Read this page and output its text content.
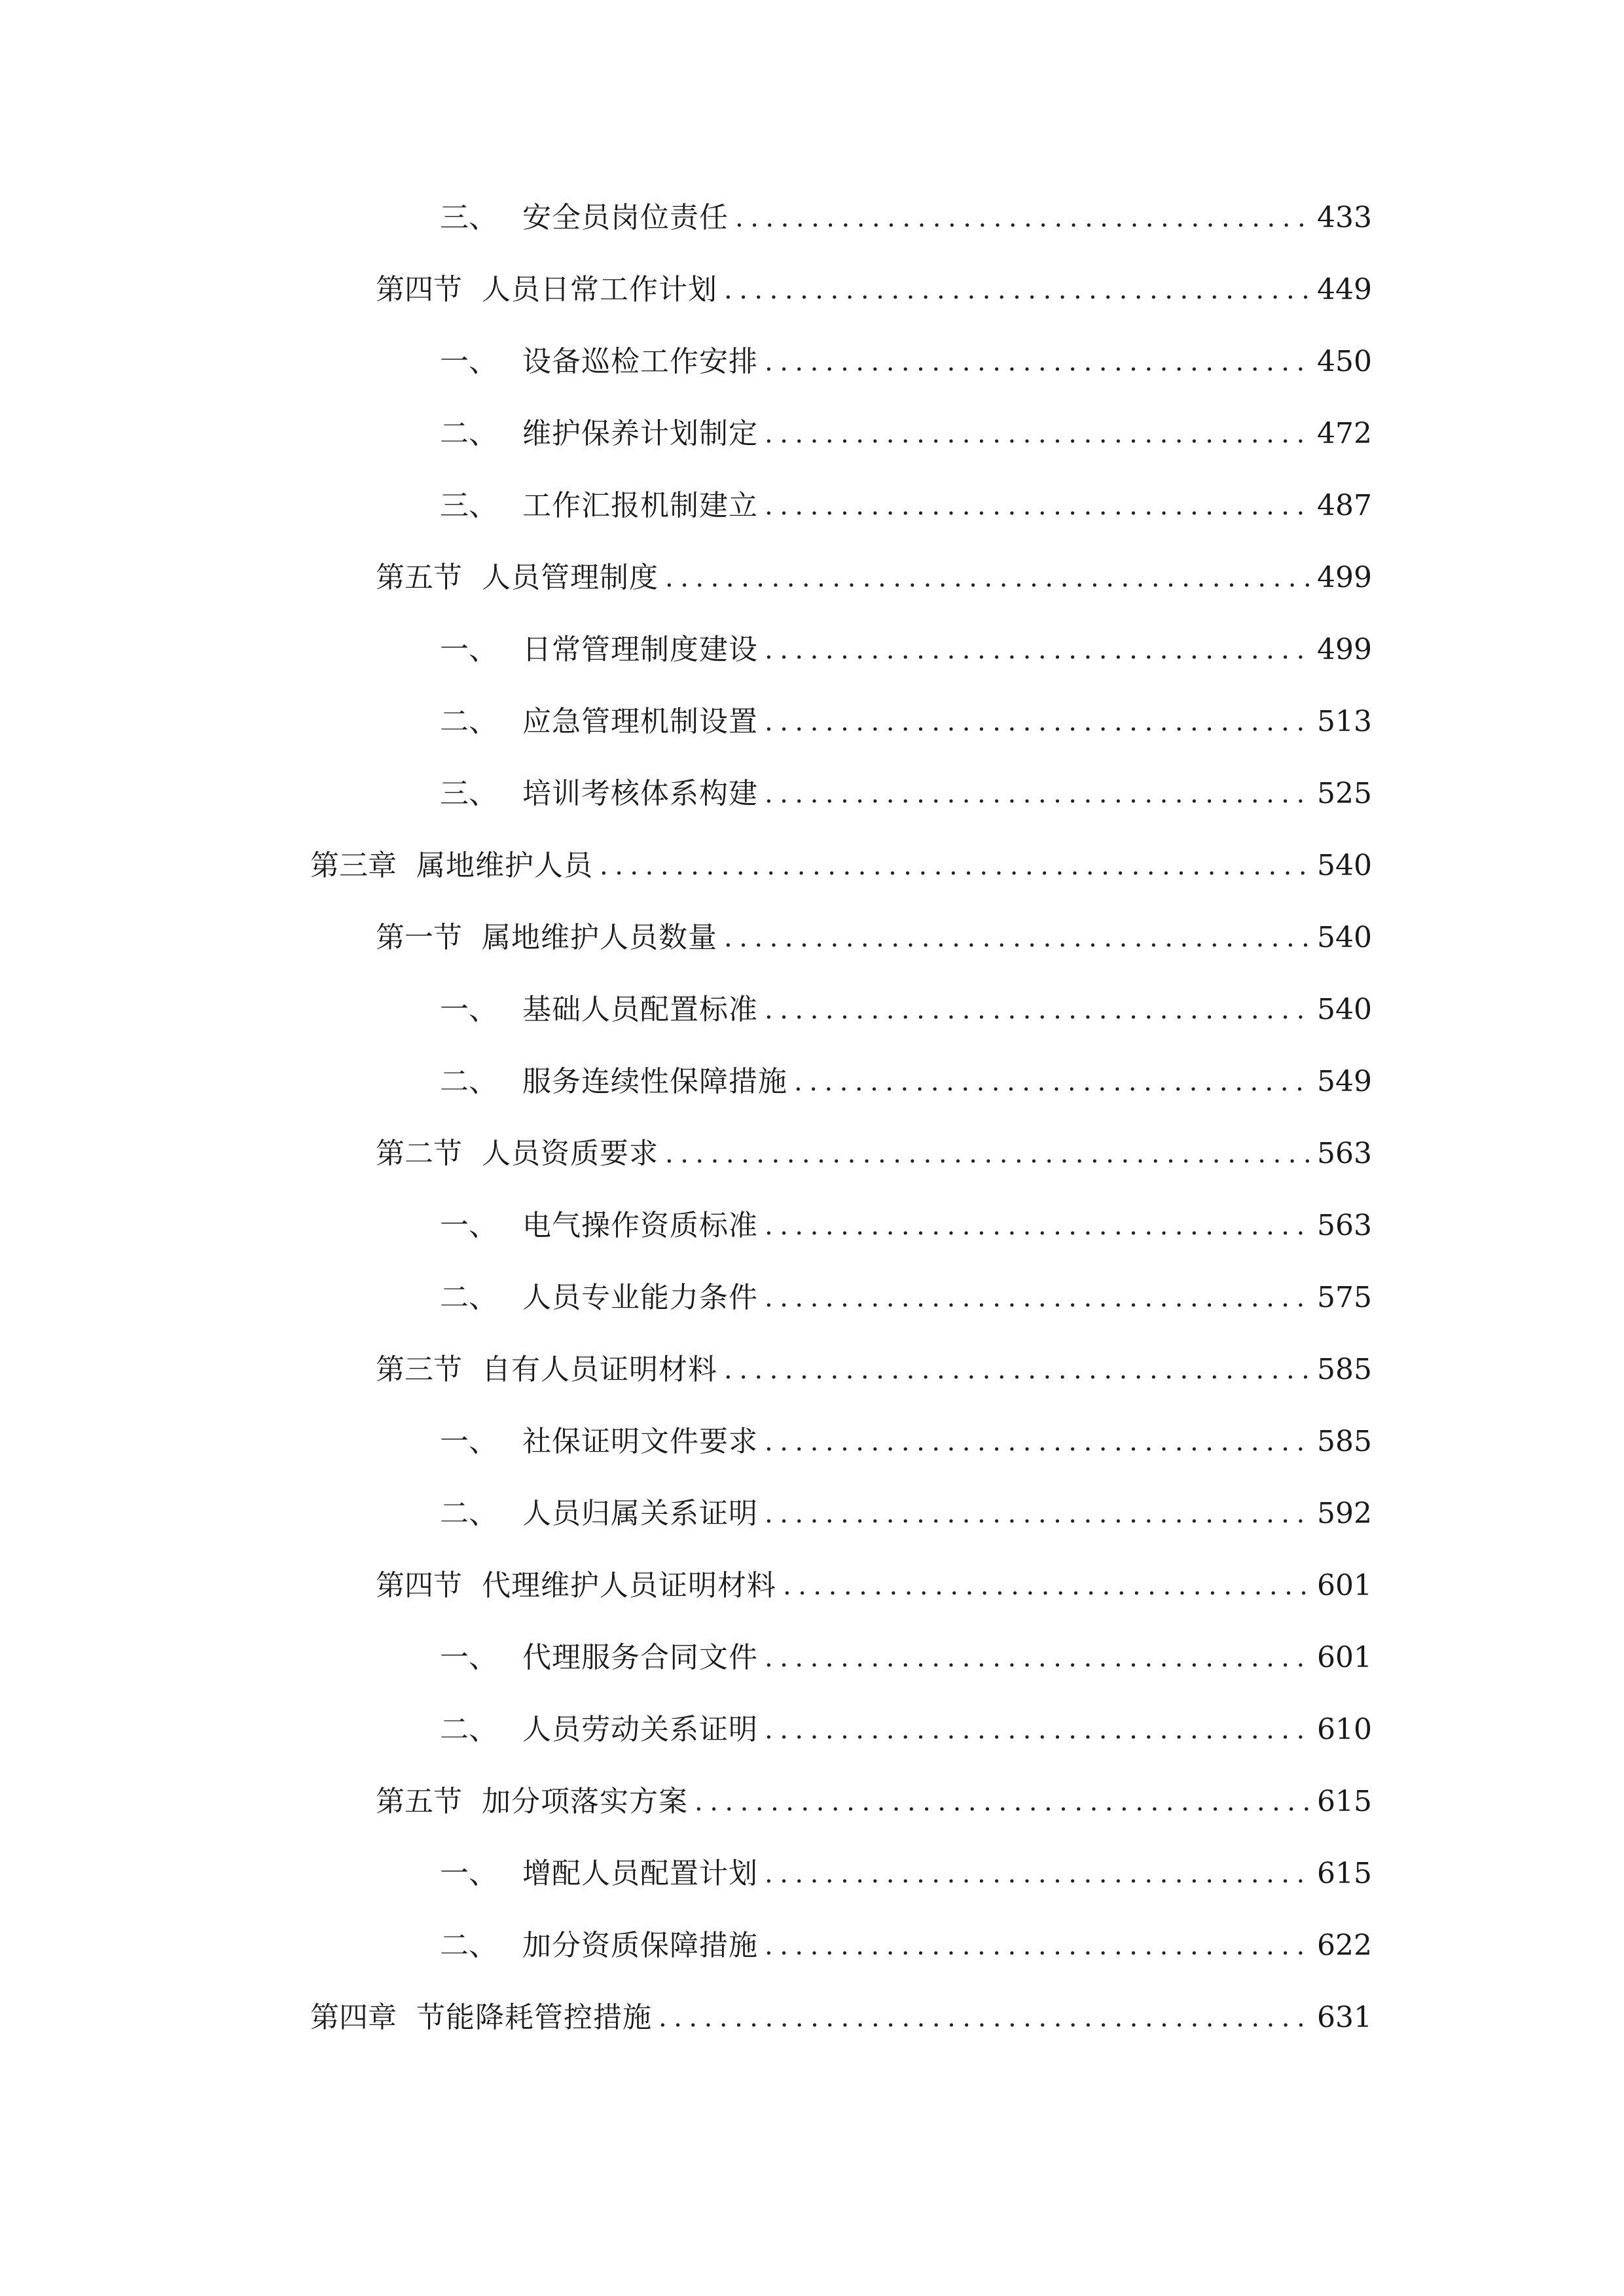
三、 安全员岗位责任 .....	433
第四节 人员日常工作计划 .....	449
一、 设备巡检工作安排 .....	450
二、 维护保养计划制定 .....	472
三、 工作汇报机制建立 .....	487
第五节 人员管理制度 .....	499
一、 日常管理制度建设 .....	499
二、 应急管理机制设置 .....	513
三、 培训考核体系构建 .....	525
第三章 属地维护人员 .....	540
第一节 属地维护人员数量 .....	540
一、 基础人员配置标准 .....	540
二、 服务连续性保障措施 .....	549
第二节 人员资质要求 .....	563
一、 电气操作资质标准 .....	563
二、 人员专业能力条件 .....	575
第三节 自有人员证明材料 .....	585
一、 社保证明文件要求 .....	585
二、 人员归属关系证明 .....	592
第四节 代理维护人员证明材料 .....	601
一、 代理服务合同文件 .....	601
二、 人员劳动关系证明 .....	610
第五节 加分项落实方案 .....	615
一、 增配人员配置计划 .....	615
二、 加分资质保障措施 .....	622
第四章 节能降耗管控措施 .....	631
